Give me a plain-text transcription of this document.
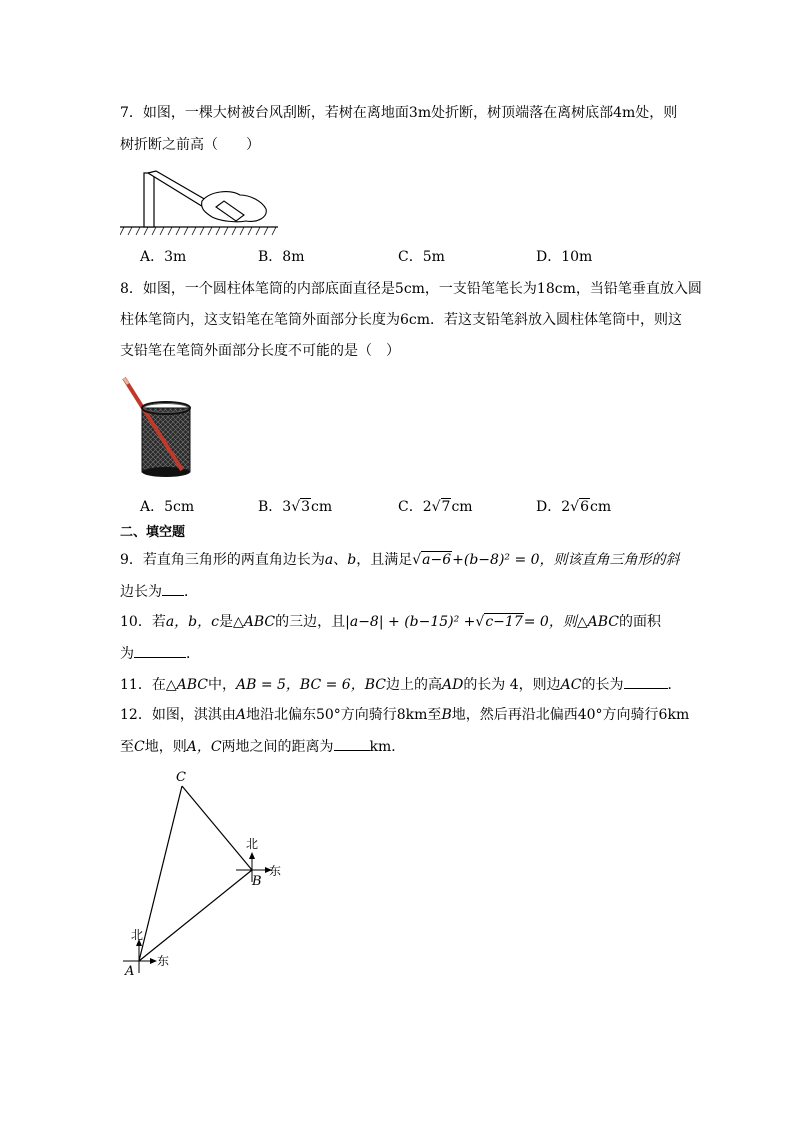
7．如图，一棵大树被台风刮断，若树在离地面3m处折断，树顶端落在离树底部4m处，则
树折断之前高（　　）
A．3m	B．8m	C．5m	D．10m
8．如图，一个圆柱体笔筒的内部底面直径是5cm，一支铅笔笔长为18cm，当铅笔垂直放入圆
柱体笔筒内，这支铅笔在笔筒外面部分长度为6cm．若这支铅笔斜放入圆柱体笔筒中，则这
支铅笔在笔筒外面部分长度不可能的是（　）
A．5cm	B．3√3cm	C．2√7cm	D．2√6cm
二、填空题
9．若直角三角形的两直角边长为a、b，且满足√a−6+(b−8)² = 0，则该直角三角形的斜
边长为 ．
10．若a，b，c是△ABC的三边，且|a−8| + (b−15)² +√c−17= 0，则△ABC的面积
为	．
11．在△ABC中，AB = 5，BC = 6，BC边上的高AD的长为 4，则边AC的长为	．
12．如图，淇淇由A地沿北偏东50°方向骑行8km至B地，然后再沿北偏西40°方向骑行6km
至C地，则A，C两地之间的距离为	km．
C
A
B
北
东
北
东
